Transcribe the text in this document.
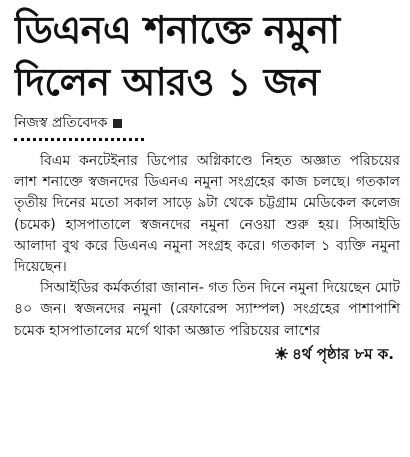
ডিএনএ শনাক্তে নমুনা
দিলেন আরও ১ জন
নিজস্ব প্রতিবেদক

বিএম কনটেইনার ডিপোর অগ্নিকাণ্ডে নিহত অজ্ঞাত পরিচয়ের লাশ শনাক্তে স্বজনদের ডিএনএ নমুনা সংগ্রহের কাজ চলছে। গতকাল তৃতীয় দিনের মতো সকাল সাড়ে ৯টা থেকে চট্টগ্রাম মেডিকেল কলেজ (চমেক) হাসপাতালে স্বজনদের নমুনা নেওয়া শুরু হয়। সিআইডি আলাদা বুথ করে ডিএনএ নমুনা সংগ্রহ করে। গতকাল ১ ব্যক্তি নমুনা দিয়েছেন।

সিআইডির কর্মকর্তারা জানান- গত তিন দিনে নমুনা দিয়েছেন মোট ৪০ জন। স্বজনদের নমুনা (রেফারেন্স স্যাম্পল) সংগ্রহের পাশাপাশি চমেক হাসপাতালের মর্গে থাকা অজ্ঞাত পরিচয়ের লাশের

৪র্থ পৃষ্ঠার ৮ম ক.
